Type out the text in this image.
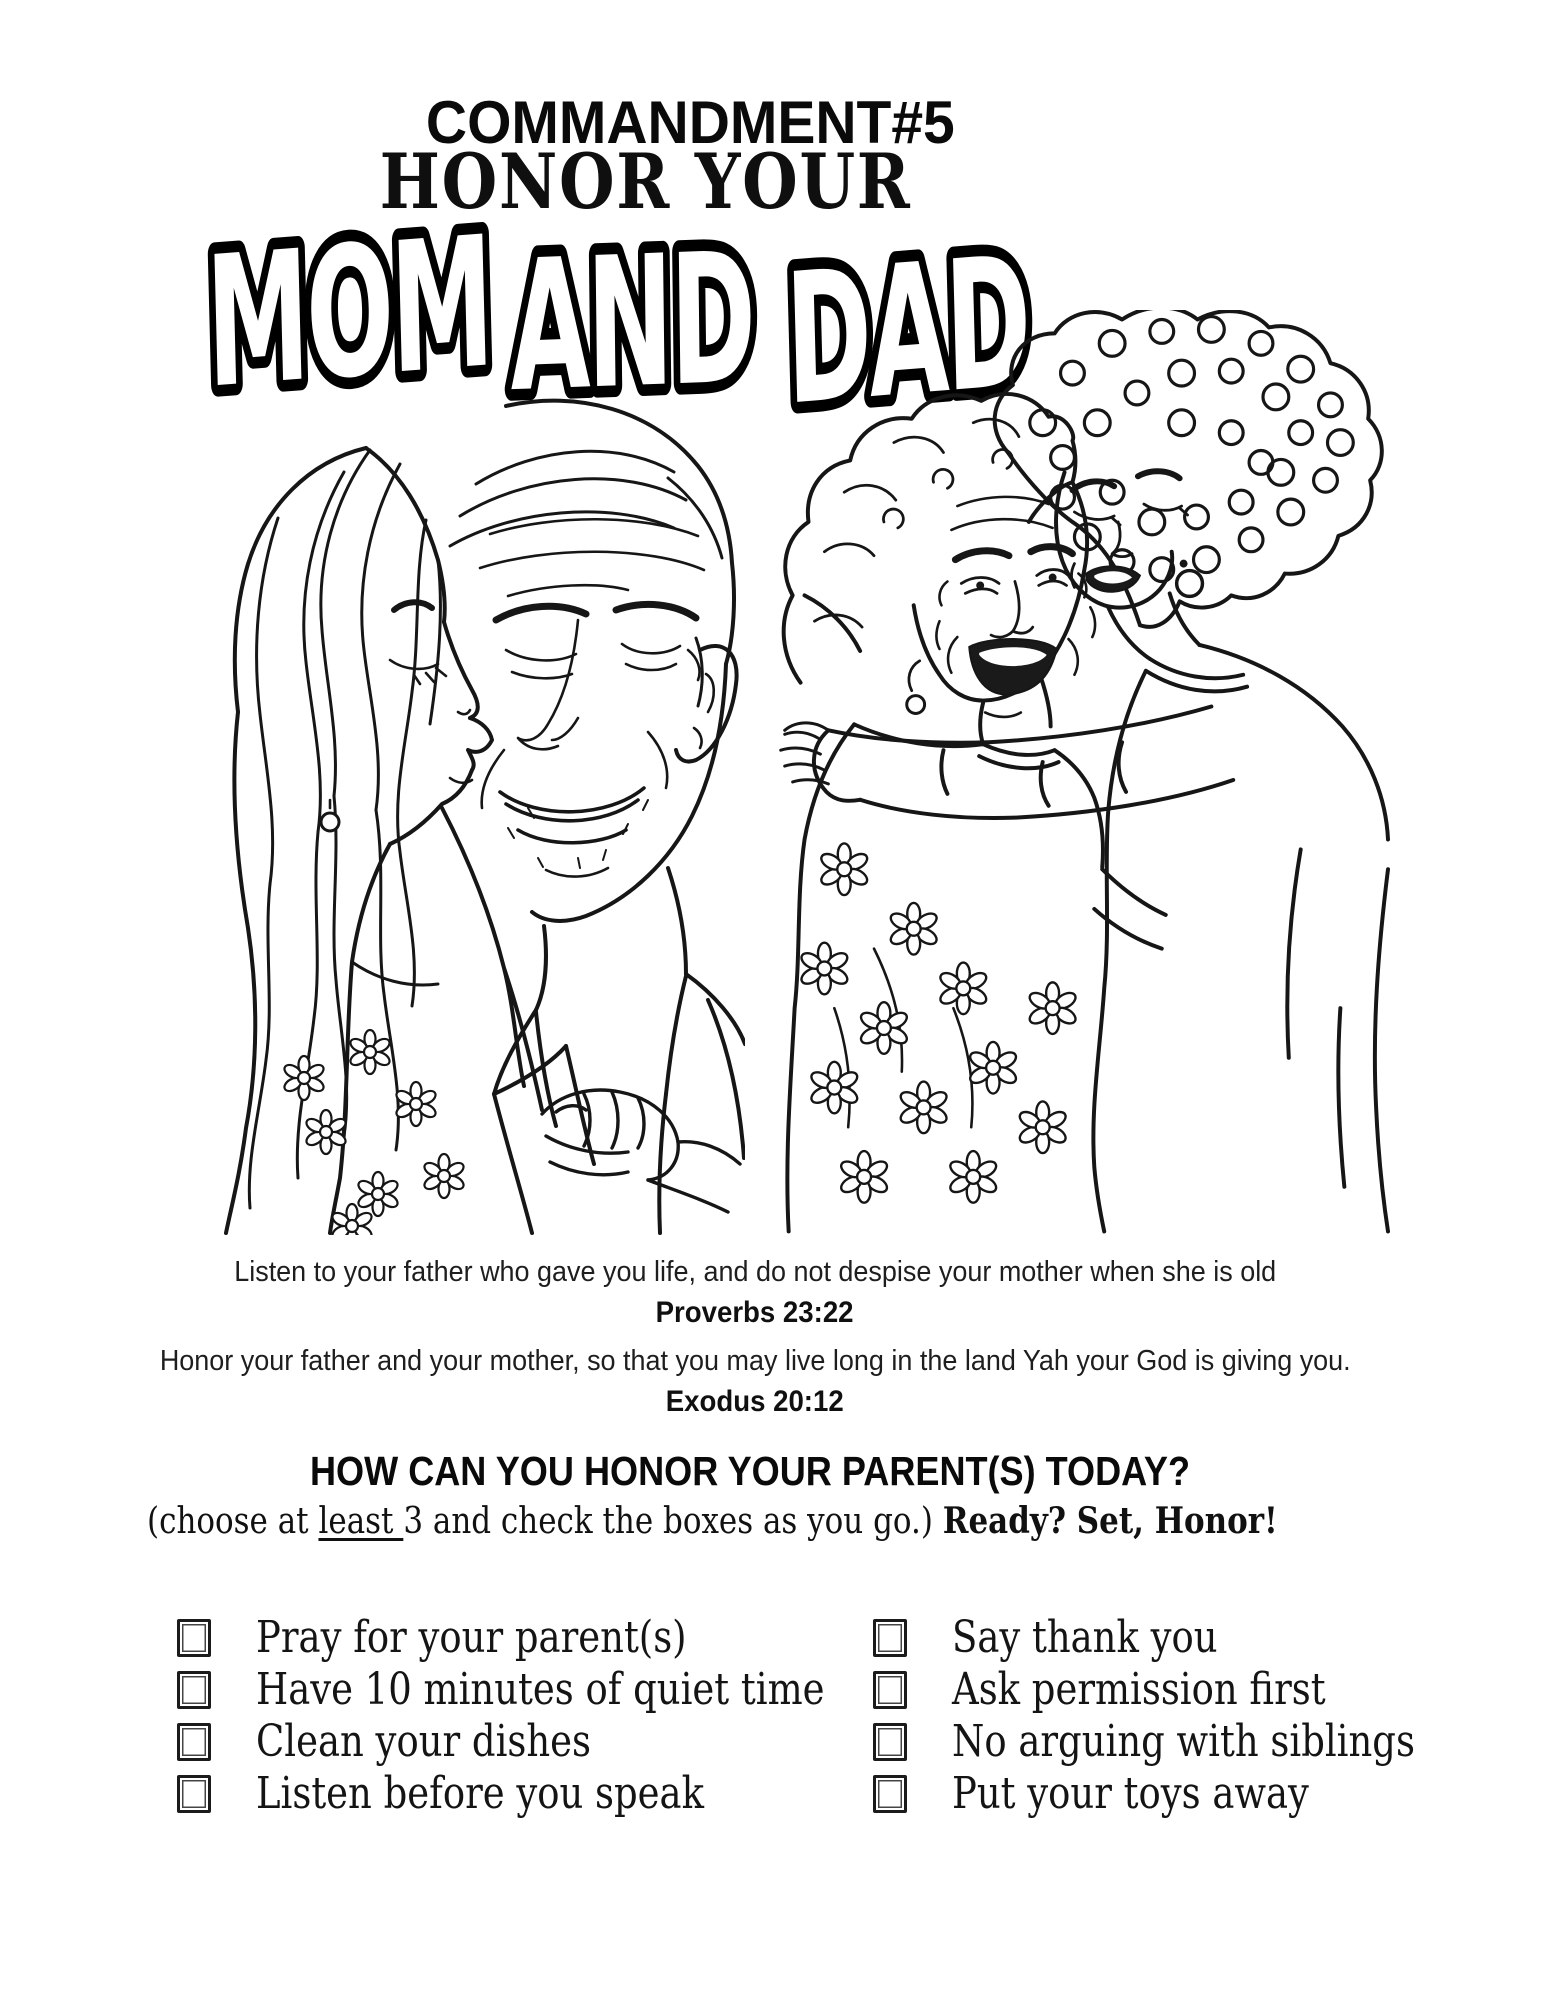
COMMANDMENT#5
HONOR YOUR
MOM AND DAD
Listen to your father who gave you life, and do not despise your mother when she is old
Proverbs 23:22
Honor your father and your mother, so that you may live long in the land Yah your God is giving you.
Exodus 20:12
HOW CAN YOU HONOR YOUR PARENT(S) TODAY?
(choose at least 3 and check the boxes as you go.) Ready? Set, Honor!
Pray for your parent(s)
Have 10 minutes of quiet time
Clean your dishes
Listen before you speak
Say thank you
Ask permission first
No arguing with siblings
Put your toys away
